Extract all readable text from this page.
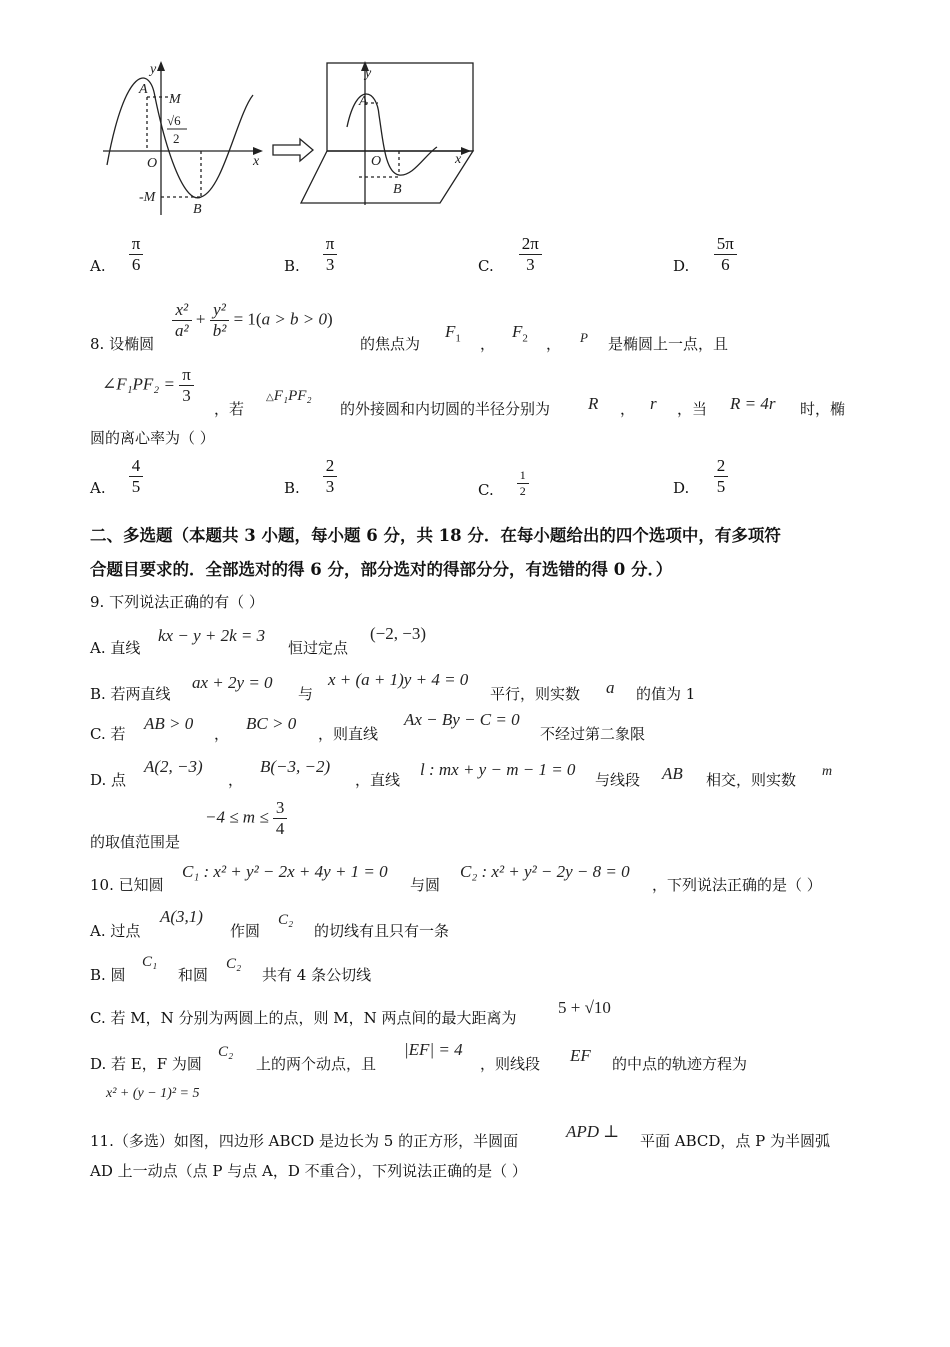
y
x
O
A
B
M
-M
√6
2
y
x
O
A
B
A. $\frac{\pi}{6}$	B. $\frac{\pi}{3}$	C. $\frac{2\pi}{3}$	D. $\frac{5\pi}{6}$
8. 设椭圆
$\frac{\text{x²}}{\text{a²}} + \frac{\text{y²}}{\text{b²}} = 1(a > b > 0)$
的焦点为
$F_1$ ，
$F_2$ ， P 是椭圆上一点，且
∠F₁PF₂ = $\frac{\pi}{3}$
，若
△F₁PF₂
的外接圆和内切圆的半径分别为 R ， r ，当 R = 4r 时，椭
圆的离心率为（ ）
A. $\frac{4}{5}$	B. $\frac{2}{3}$	C. $\frac{1}{2}$	D. $\frac{2}{5}$
二、多选题（本题共 3 小题，每小题 6 分，共 18 分．在每小题给出的四个选项中，有多项符
合题目要求的．全部选对的得 6 分，部分选对的得部分分，有选错的得 0 分．）
9. 下列说法正确的有（ ）
A. 直线
kx − y + 2k = 3
恒过定点
(−2, −3)
B. 若两直线
ax + 2y = 0
与
x + (a + 1)y + 4 = 0
平行，则实数 a 的值为 1
C. 若
AB > 0
，
BC > 0
，则直线
Ax − By − C = 0
不经过第二象限
D. 点
A(2, −3)
，
B(−3, −2)
，直线
l : mx + y − m − 1 = 0
与线段 AB 相交，则实数 m
$-4 \le m \le \frac{3}{4}$
的取值范围是
10. 已知圆
C₁ : x² + y² − 2x + 4y + 1 = 0
与圆
C₂ : x² + y² − 2y − 8 = 0
，下列说法正确的是（ ）
A. 过点
A(3,1)
作圆
C₂
的切线有且只有一条
B. 圆
C₁
和圆
C₂
共有 4 条公切线
C. 若 M，N 分别为两圆上的点，则 M，N 两点间的最大距离为
5 + √10
D. 若 E，F 为圆
C₂
上的两个动点，且
|EF| = 4
，则线段 EF 的中点的轨迹方程为
x² + (y − 1)² = 5
11.（多选）如图，四边形 ABCD 是边长为 5 的正方形，半圆面	APD ⊥ 平面 ABCD，点 P 为半圆弧
AD 上一动点（点 P 与点 A，D 不重合），下列说法正确的是（ ）
